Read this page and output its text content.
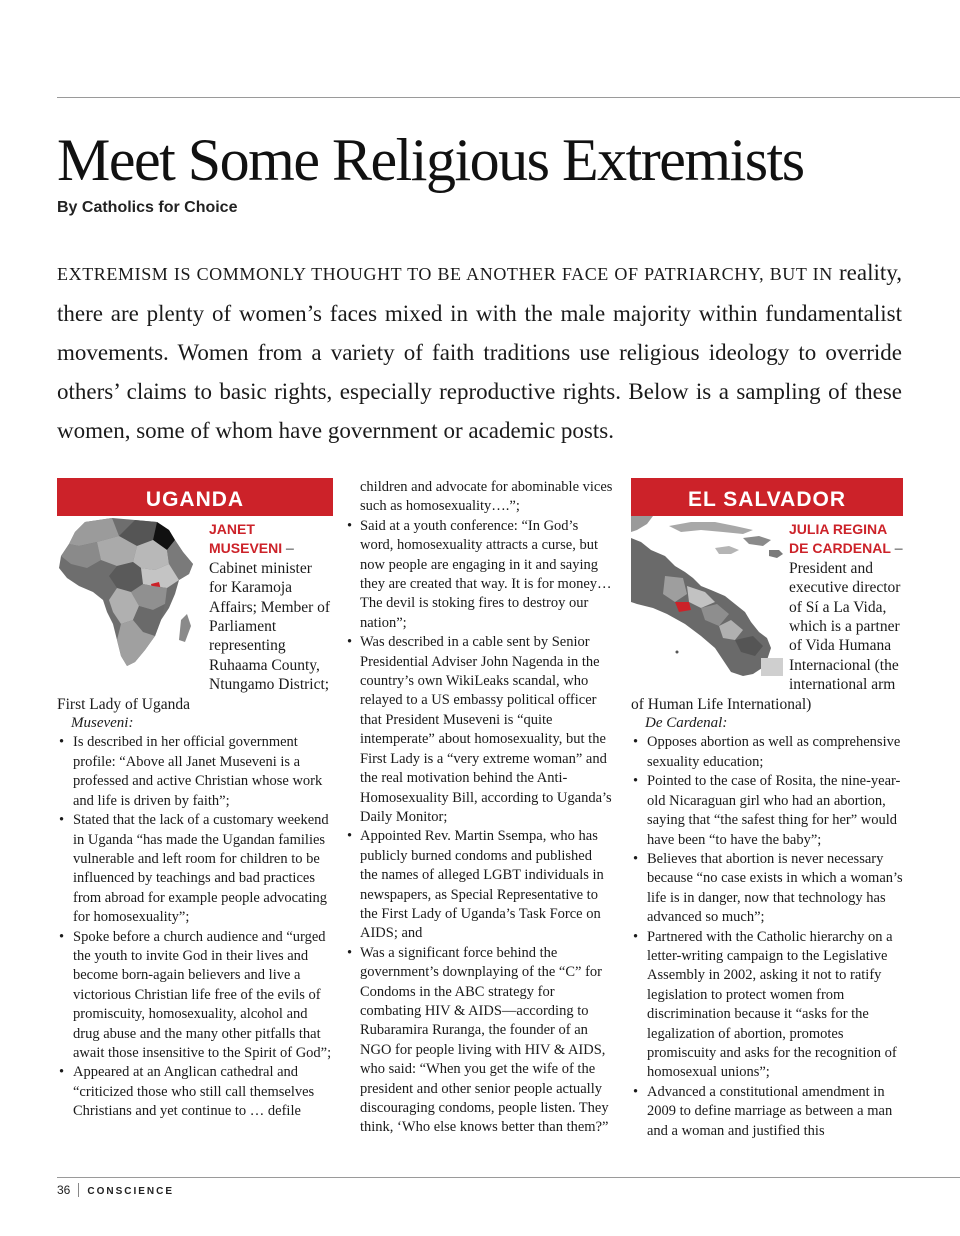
Meet Some Religious Extremists

By Catholics for Choice

EXTREMISM IS COMMONLY THOUGHT TO BE ANOTHER FACE OF PATRIARCHY, BUT IN reality, there are plenty of women’s faces mixed in with the male majority within fundamentalist movements. Women from a variety of faith traditions use religious ideology to override others’ claims to basic rights, especially reproductive rights. Below is a sampling of these women, some of whom have government or academic posts.

UGANDA
JANET
MUSEVENI – Cabinet minister for Karamoja Affairs; Member of Parliament representing Ruhaama County, Ntungamo District; First Lady of Uganda
Museveni:
• Is described in her official government profile: “Above all Janet Museveni is a professed and active Christian whose work and life is driven by faith”;
• Stated that the lack of a customary weekend in Uganda “has made the Ugandan families vulnerable and left room for children to be influenced by teachings and bad practices from abroad for example people advocating for homosexuality”;
• Spoke before a church audience and “urged the youth to invite God in their lives and become born-again believers and live a victorious Christian life free of the evils of promiscuity, homosexuality, alcohol and drug abuse and the many other pitfalls that await those insensitive to the Spirit of God”;
• Appeared at an Anglican cathedral and “criticized those who still call themselves Christians and yet continue to … defile
children and advocate for abominable vices such as homosexuality….”;
• Said at a youth conference: “In God’s word, homosexuality attracts a curse, but now people are engaging in it and saying they are created that way. It is for money… The devil is stoking fires to destroy our nation”;
• Was described in a cable sent by Senior Presidential Adviser John Nagenda in the country’s own WikiLeaks scandal, who relayed to a US embassy political officer that President Museveni is “quite intemperate” about homosexuality, but the First Lady is a “very extreme woman” and the real motivation behind the Anti-Homosexuality Bill, according to Uganda’s Daily Monitor;
• Appointed Rev. Martin Ssempa, who has publicly burned condoms and published the names of alleged LGBT individuals in newspapers, as Special Representative to the First Lady of Uganda’s Task Force on AIDS; and
• Was a significant force behind the government’s downplaying of the “C” for Condoms in the ABC strategy for combating HIV & AIDS—according to Rubaramira Ruranga, the founder of an NGO for people living with HIV & AIDS, who said: “When you get the wife of the president and other senior people actually discouraging condoms, people listen. They think, ‘Who else knows better than them?”
EL SALVADOR
JULIA REGINA
DE CARDENAL – President and executive director of Sí a La Vida, which is a partner of Vida Humana Internacional (the international arm of Human Life International)
De Cardenal:
• Opposes abortion as well as comprehensive sexuality education;
• Pointed to the case of Rosita, the nine-year-old Nicaraguan girl who had an abortion, saying that “the safest thing for her” would have been “to have the baby”;
• Believes that abortion is never necessary because “no case exists in which a woman’s life is in danger, now that technology has advanced so much”;
• Partnered with the Catholic hierarchy on a letter-writing campaign to the Legislative Assembly in 2002, asking it not to ratify legislation to protect women from discrimination because it “asks for the legalization of abortion, promotes promiscuity and asks for the recognition of homosexual unions”;
• Advanced a constitutional amendment in 2009 to define marriage as between a man and a woman and justified this
36 CONSCIENCE
